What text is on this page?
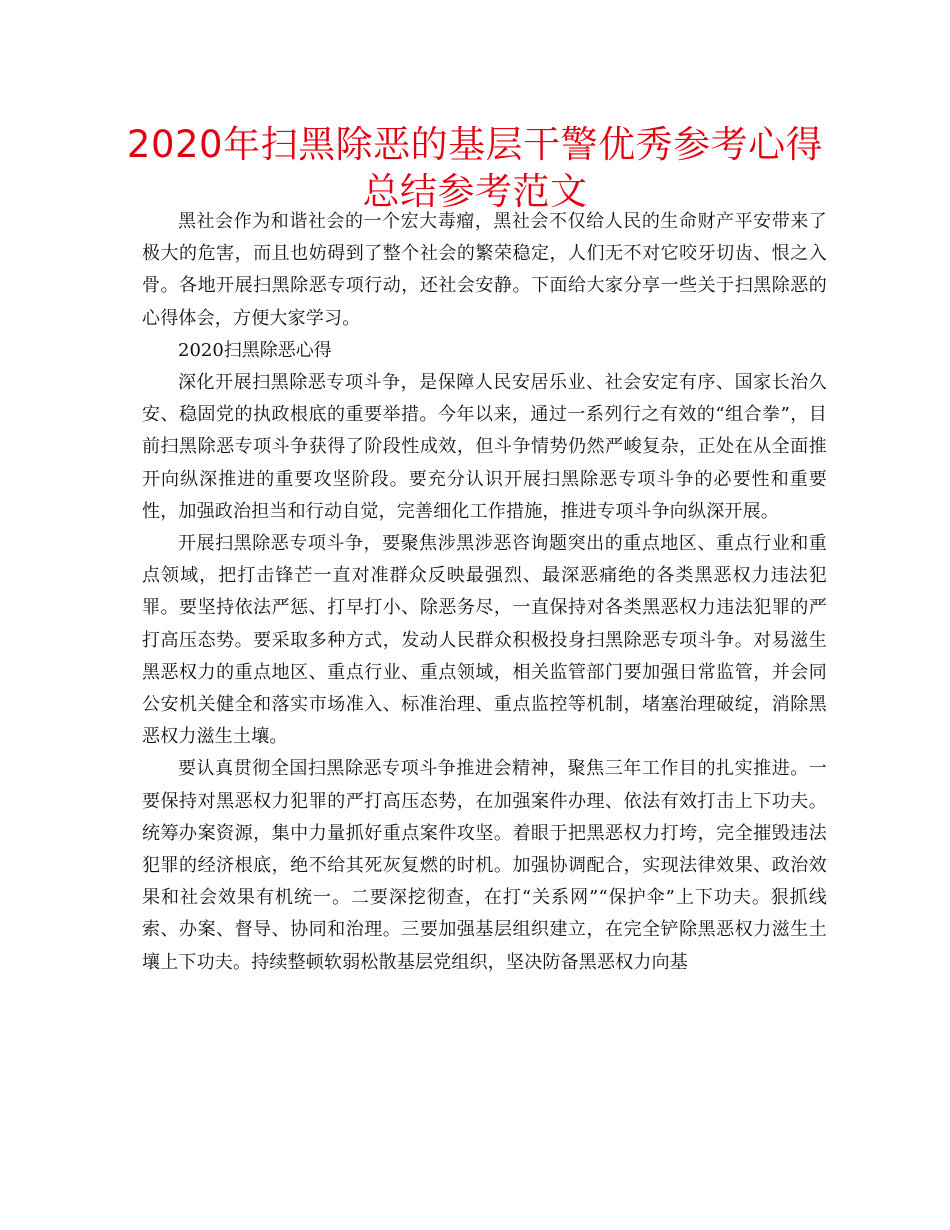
2020年扫黑除恶的基层干警优秀参考心得
总结参考范文

黑社会作为和谐社会的一个宏大毒瘤，黑社会不仅给人民的生命财产平安带来了极大的危害，而且也妨碍到了整个社会的繁荣稳定，人们无不对它咬牙切齿、恨之入骨。各地开展扫黑除恶专项行动，还社会安静。下面给大家分享一些关于扫黑除恶的心得体会，方便大家学习。

2020扫黑除恶心得

深化开展扫黑除恶专项斗争，是保障人民安居乐业、社会安定有序、国家长治久安、稳固党的执政根底的重要举措。今年以来，通过一系列行之有效的“组合拳”，目前扫黑除恶专项斗争获得了阶段性成效，但斗争情势仍然严峻复杂，正处在从全面推开向纵深推进的重要攻坚阶段。要充分认识开展扫黑除恶专项斗争的必要性和重要性，加强政治担当和行动自觉，完善细化工作措施，推进专项斗争向纵深开展。

开展扫黑除恶专项斗争，要聚焦涉黑涉恶咨询题突出的重点地区、重点行业和重点领域，把打击锋芒一直对准群众反映最强烈、最深恶痛绝的各类黑恶权力违法犯罪。要坚持依法严惩、打早打小、除恶务尽，一直保持对各类黑恶权力违法犯罪的严打高压态势。要采取多种方式，发动人民群众积极投身扫黑除恶专项斗争。对易滋生黑恶权力的重点地区、重点行业、重点领域，相关监管部门要加强日常监管，并会同公安机关健全和落实市场准入、标准治理、重点监控等机制，堵塞治理破绽，消除黑恶权力滋生土壤。

要认真贯彻全国扫黑除恶专项斗争推进会精神，聚焦三年工作目的扎实推进。一要保持对黑恶权力犯罪的严打高压态势，在加强案件办理、依法有效打击上下功夫。统筹办案资源，集中力量抓好重点案件攻坚。着眼于把黑恶权力打垮，完全摧毁违法犯罪的经济根底，绝不给其死灰复燃的时机。加强协调配合，实现法律效果、政治效果和社会效果有机统一。二要深挖彻查，在打“关系网”“保护伞”上下功夫。狠抓线索、办案、督导、协同和治理。三要加强基层组织建立，在完全铲除黑恶权力滋生土壤上下功夫。持续整顿软弱松散基层党组织，坚决防备黑恶权力向基
